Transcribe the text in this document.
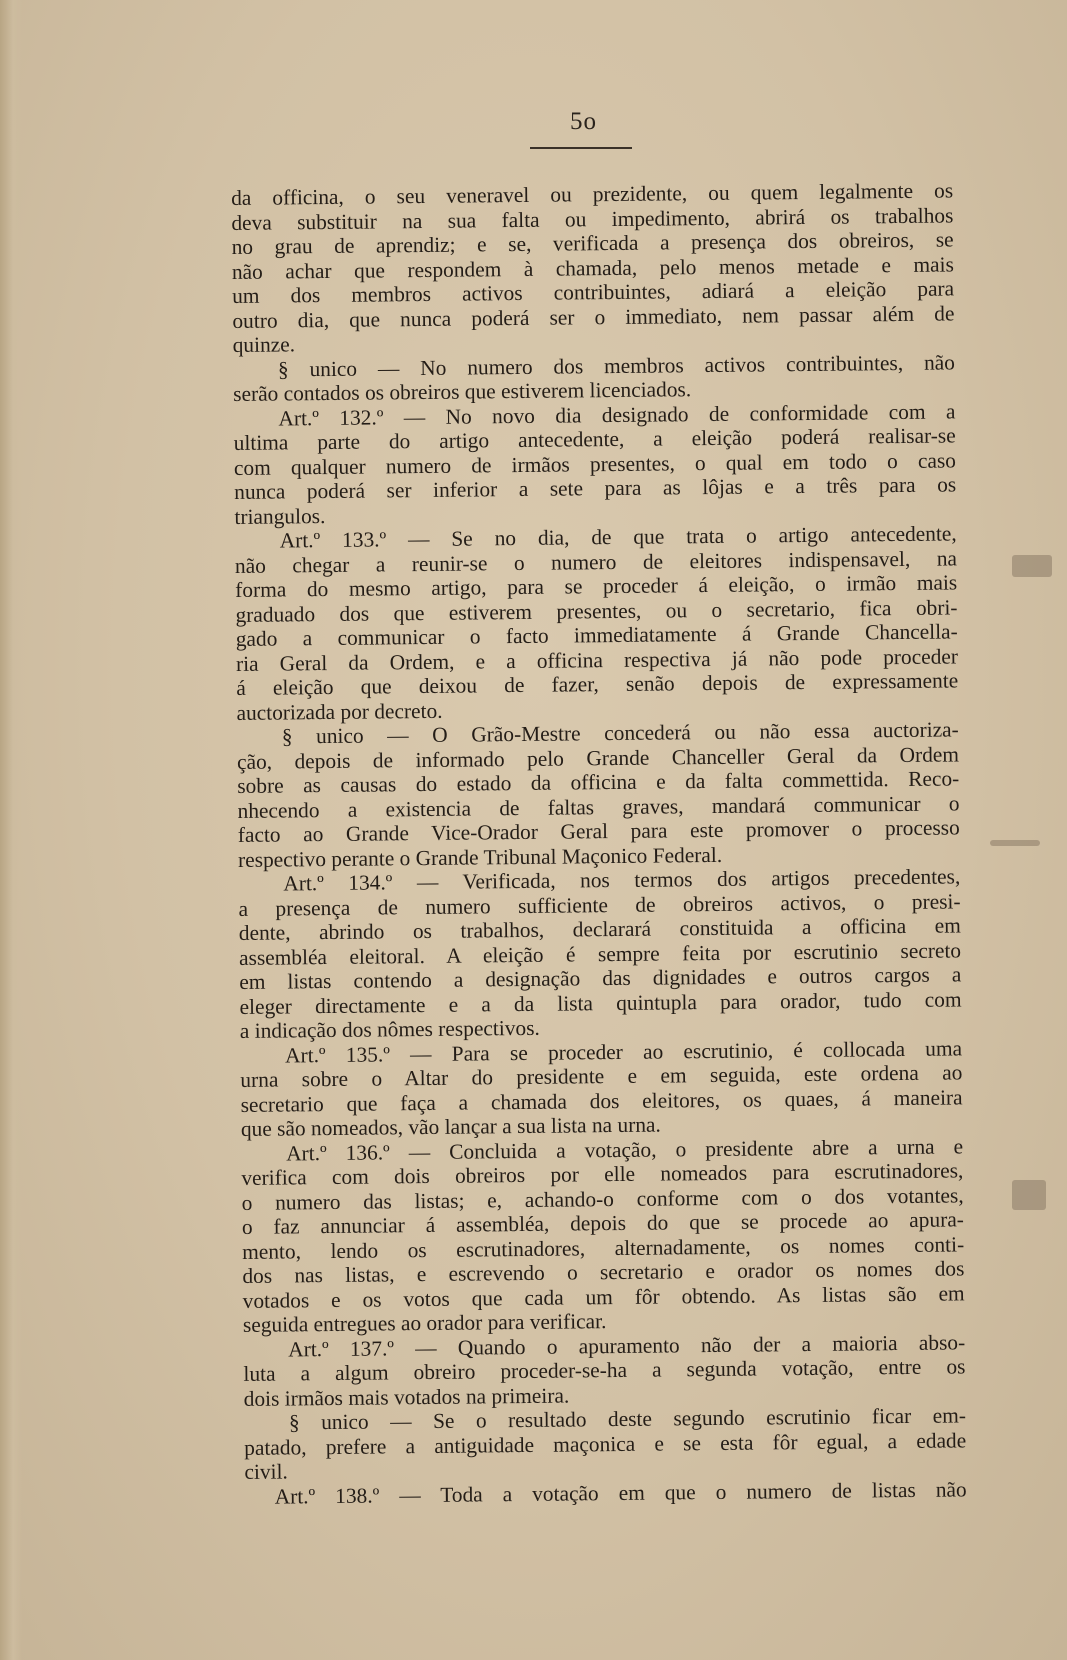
5o
da officina, o seu veneravel ou prezidente, ou quem legalmente os
deva substituir na sua falta ou impedimento, abrirá os trabalhos
no grau de aprendiz; e se, verificada a presença dos obreiros, se
não achar que respondem à chamada, pelo menos metade e mais
um dos membros activos contribuintes, adiará a eleição para
outro dia, que nunca poderá ser o immediato, nem passar além de
quinze.
§ unico — No numero dos membros activos contribuintes, não
serão contados os obreiros que estiverem licenciados.
Art.º 132.º — No novo dia designado de conformidade com a
ultima parte do artigo antecedente, a eleição poderá realisar-se
com qualquer numero de irmãos presentes, o qual em todo o caso
nunca poderá ser inferior a sete para as lôjas e a três para os
triangulos.
Art.º 133.º — Se no dia, de que trata o artigo antecedente,
não chegar a reunir-se o numero de eleitores indispensavel, na
forma do mesmo artigo, para se proceder á eleição, o irmão mais
graduado dos que estiverem presentes, ou o secretario, fica obri-
gado a communicar o facto immediatamente á Grande Chancella-
ria Geral da Ordem, e a officina respectiva já não pode proceder
á eleição que deixou de fazer, senão depois de expressamente
auctorizada por decreto.
§ unico — O Grão-Mestre concederá ou não essa auctoriza-
ção, depois de informado pelo Grande Chanceller Geral da Ordem
sobre as causas do estado da officina e da falta commettida. Reco-
nhecendo a existencia de faltas graves, mandará communicar o
facto ao Grande Vice-Orador Geral para este promover o processo
respectivo perante o Grande Tribunal Maçonico Federal.
Art.º 134.º — Verificada, nos termos dos artigos precedentes,
a presença de numero sufficiente de obreiros activos, o presi-
dente, abrindo os trabalhos, declarará constituida a officina em
assembléa eleitoral. A eleição é sempre feita por escrutinio secreto
em listas contendo a designação das dignidades e outros cargos a
eleger directamente e a da lista quintupla para orador, tudo com
a indicação dos nômes respectivos.
Art.º 135.º — Para se proceder ao escrutinio, é collocada uma
urna sobre o Altar do presidente e em seguida, este ordena ao
secretario que faça a chamada dos eleitores, os quaes, á maneira
que são nomeados, vão lançar a sua lista na urna.
Art.º 136.º — Concluida a votação, o presidente abre a urna e
verifica com dois obreiros por elle nomeados para escrutinadores,
o numero das listas; e, achando-o conforme com o dos votantes,
o faz annunciar á assembléa, depois do que se procede ao apura-
mento, lendo os escrutinadores, alternadamente, os nomes conti-
dos nas listas, e escrevendo o secretario e orador os nomes dos
votados e os votos que cada um fôr obtendo. As listas são em
seguida entregues ao orador para verificar.
Art.º 137.º — Quando o apuramento não der a maioria abso-
luta a algum obreiro proceder-se-ha a segunda votação, entre os
dois irmãos mais votados na primeira.
§ unico — Se o resultado deste segundo escrutinio ficar em-
patado, prefere a antiguidade maçonica e se esta fôr egual, a edade
civil.
Art.º 138.º — Toda a votação em que o numero de listas não
